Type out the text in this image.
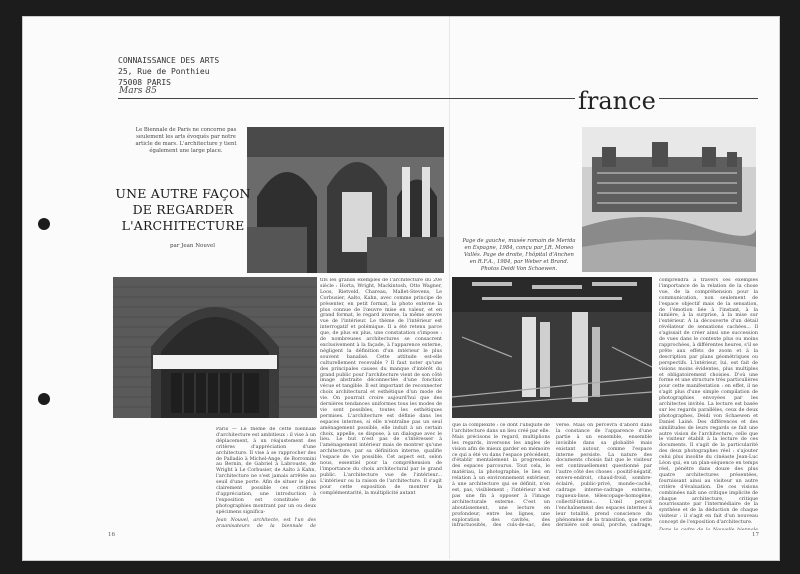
CONNAISSANCE DES ARTS
25, Rue de Ponthieu
75008 PARIS
Mars 85	france
Le Biennale de Paris ne concerne pas seulement les arts évoqués par notre article de mars. L'architecture y tient également une large place.
UNE AUTRE FAÇON DE REGARDER L'ARCHITECTURE
par Jean Nouvel
Page de gauche, musée romain de Merida en Espagne, 1984, conçu par J.R. Moneo Vallés. Page de droite, l'hôpital d'Anchen en R.F.A., 1984, par Weber et Brand. Photos Deidi Von Schaewen.

Paris — Le thème de cette biennale d'architecture est ambitieux : il vise à un déplacement, à un réajustement des critères d'appréciation d'une architecture. Il vise à se rapprocher des de Palladio à Michel-Ange, de Borromini au Bernin, de Gabriel à Labrouste, de Wright à Le Corbusier, de Aalto à Kahn, l'architecture ne s'est jamais arrêtée au seuil d'une porte. Afin de situer le plus clairement possible ces critères d'appréciation, une introduction à l'exposition est constituée de photographies montrant par un ou deux spécimens significa-

Jean Nouvel, architecte, est l'un des organisateurs de la biennale de

tifs les grands exemples de l'architecture du 20e siècle : Horta, Wright, Mackintosh, Otto Wagner, Loos, Rietveld, Chareau, Mallet-Stevens, Le Corbusier, Aalto, Kahn, avec comme principe de présenter, en petit format, la photo externe la plus connue de l'œuvre mise en valeur, et en grand format, le regard inverse, la même œuvre vue de l'intérieur. Le thème de l'intérieur est interrogatif et polémique. Il a été retenu parce que, de plus en plus, une constatation s'impose : de nombreuses architectures se consacrent exclusivement à la façade, à l'apparence externe, négligent la définition d'un intérieur le plus souvent banalisé. Cette attitude est-elle culturellement recevable ? Il faut noter qu'une des principales causes du manque d'intérêt du grand public pour l'architecture vient de son côté image abstraite déconnectée d'une fonction vécue et tangible. Il est important de reconnecter choix architectural et esthétique d'un mode de vie. On pourrait croire aujourd'hui que des dernières tendances uniformes tous les modes de vie sont possibles, toutes les esthétiques permises. L'architecture est définie dans les espaces internes, si elle n'entraîne pas un seul aménagement possible, elle induit à un certain choix, appelle, se dispose, à un dialogue avec le lieu. Le but n'est pas de s'intéresser à l'aménagement intérieur mais de montrer qu'une architecture, par sa définition interne, qualifie l'espace de vie possible. Cet aspect est, selon nous, essentiel pour la compréhension de l'importance du choix architectural par le grand public. L'architecture vue de l'intérieur... L'intérieur ou la raison de l'architecture. Il s'agit pour cette exposition de montrer la complémentarité, la multiplicité autant

que la complexité : ce dont l'ubiquité de l'architecture dans un lieu créé par elle. Mais précisons le regard, multiplions les regards, inversons les angles de vision afin de mieux garder en mémoire ce qui a été vu dans l'espace précédent, d'établir mentalement la progression des espaces parcourus. Tout cela, le matériau, la photographie, le lieu en relation à un environnement extérieur, à une architecture qui se définit, n'en est, pas, visiblement ; l'intérieur n'est pas une fin à opposer à l'image architecturale externe. C'est un aboutissement, une lecture en profondeur, entre les lignes, une exploration des cavités, des infractuosités, des culs-de-sac, des

verse. Mais on percevra d'abord dans la constance de l'apparence d'une partie à un ensemble, ensemble invisible dans sa globalité mais existant autour, comme l'espace interne persiste. La nature des documents choisis fait que le visiteur est continuellement questionné par l'autre côté des choses : positif-négatif, envers-endroit, chaud-froid, sombre-éclairé, public-privé, monde-caché, cadrage interne-cadrage externe, rugueux-lisse, télescopage-homogène, collectif-intime... L'œil perçoit l'enchaînement des espaces internes à leur totalité, prend conscience du phénomène de la transition, que cette dernière soit seuil, porche, cadrage,

comprendra à travers ces exemples l'importance de la relation de la chose vue, de la compréhension pour la communication, non seulement de l'espace objectif mais de la sensation, de l'émotion liée à l'instant, à la lumière, à la surprise, à la mise sur l'extérieur. À la découverte d'un détail révélateur de sensations cachées... Il s'agissait de créer ainsi une succession de vues dans le contexte plus ou moins rapprochées, à différentes heures, s'il se prête aux effets de zoom et à la description par plans géométriques ou perspectifs. L'intérieur, lui, est fait de visions moins évidentes, plus multiples et obligatoirement choisies. D'où une forme et une structure très particulières pour cette manifestation : en effet, il ne s'agit plus d'une simple compilation de photographies envoyées par les architectes invités. La lecture est basée sur les regards parallèles, ceux de deux photographes, Deidi von Schaewen et Daniel Lainé. Des différences et des similitudes de leurs regards se fait une autre vision de l'architecture, celle que le visiteur établit à la lecture de ces documents. Il s'agit de la particularité des deux photographes réel : s'ajouter celui plus insolite du cinéaste Jean-Luc Léon qui, en un plan-séquence en temps réel, pénètre dans douze des plus quatre architectures présentées, fournissant ainsi au visiteur un autre critère d'évaluation. De ces visions combinées naît une critique implicite de chaque architecture, critique nourrissante par l'intermédiaire de la synthèse et de la déduction de chaque visiteur : il s'agit en fait d'un nouveau concept de l'exposition d'architecture.

16	17
